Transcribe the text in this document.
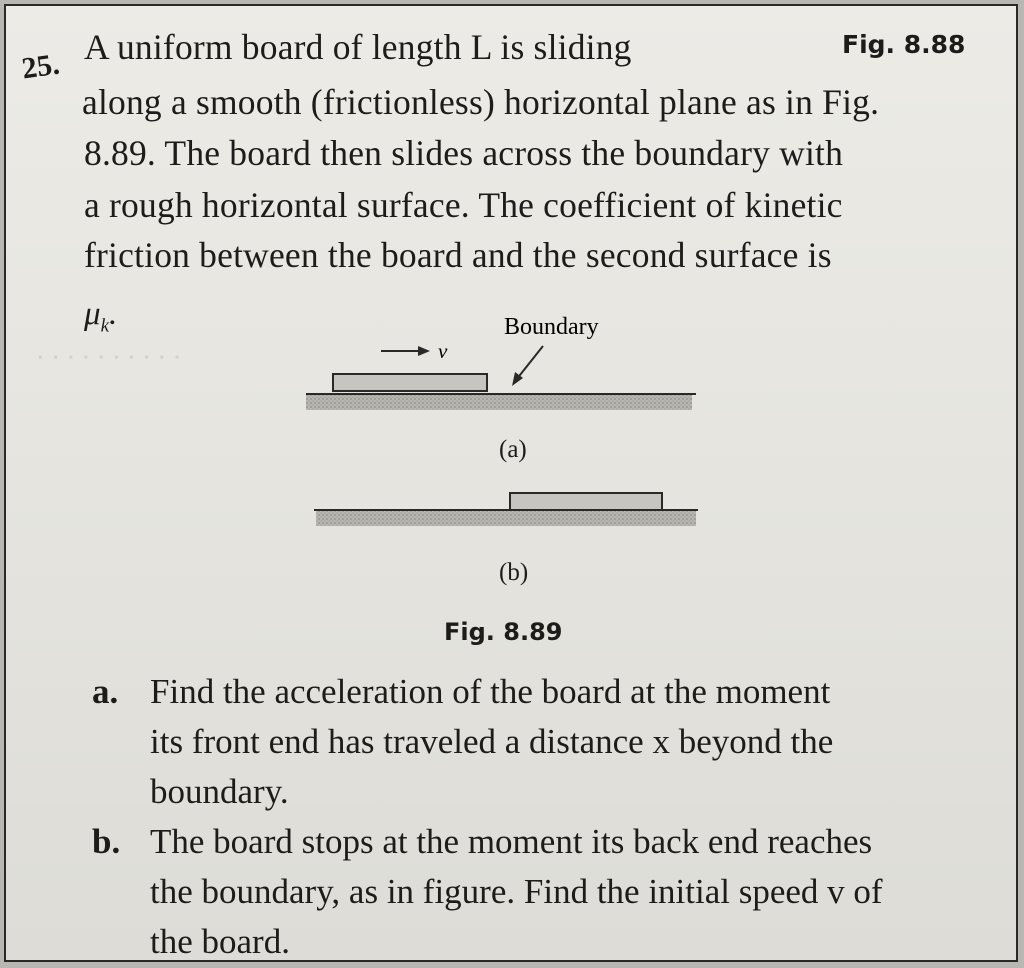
ᐧ ᐧ ᐧ ᐧ ᐧ ᐧ ᐧ ᐧ ᐧ ᐧ
25.
Fig. 8.88
A uniform board of length L is sliding
along a smooth (frictionless) horizontal plane as in Fig.
8.89. The board then slides across the boundary with
a rough horizontal surface. The coefficient of kinetic
friction between the board and the second surface is
$\mu_k$.
v
Boundary
(a)
(b)
Fig. 8.89
a. Find the acceleration of the board at the moment
its front end has traveled a distance x beyond the
boundary.
b. The board stops at the moment its back end reaches
the boundary, as in figure. Find the initial speed v of
the board.
